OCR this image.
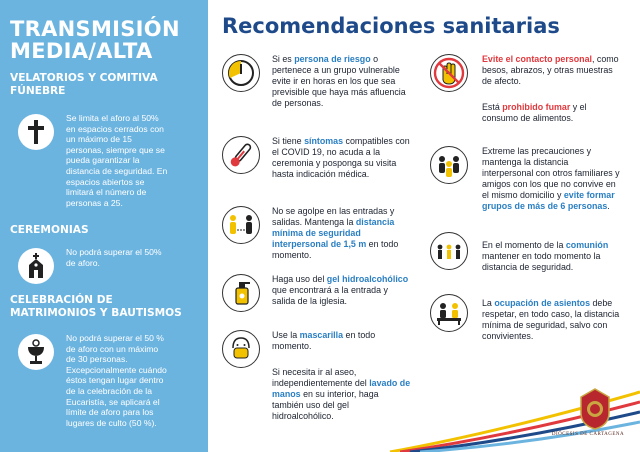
TRANSMISIÓN
MEDIA/ALTA
VELATORIOS Y COMITIVA
FÚNEBRE

Se limita el aforo al 50%
en espacios cerrados con
un máximo de 15
personas, siempre que se
pueda garantizar la
distancia de seguridad. En
espacios abiertos se
limitará el número de
personas a 25.

CEREMONIAS

No podrá superar el 50%
de aforo.

CELEBRACIÓN DE
MATRIMONIOS Y BAUTISMOS

No podrá superar el 50 %
de aforo con un máximo
de 30 personas.
Excepcionalmente cuándo
éstos tengan lugar dentro
de la celebración de la
Eucaristía, se aplicará el
límite de aforo para los
lugares de culto (50 %).

Recomendaciones sanitarias
Si es persona de riesgo o pertenece a un grupo vulnerable evite ir en horas en los que sea previsible que haya más afluencia de personas.
Si tiene síntomas compatibles con el COVID 19, no acuda a la ceremonia y posponga su visita hasta indicación médica.
No se agolpe en las entradas y salidas. Mantenga la distancia mínima de seguridad interpersonal de 1,5 m en todo momento.
Haga uso del gel hidroalcohólico que encontrará a la entrada y salida de la iglesia.
Use la mascarilla en todo momento.
Si necesita ir al aseo, independientemente del lavado de manos en su interior, haga también uso del gel hidroalcohólico.
Evite el contacto personal, como besos, abrazos, y otras muestras de afecto.
Está prohibido fumar y el consumo de alimentos.
Extreme las precauciones y mantenga la distancia interpersonal con otros familiares y amigos con los que no convive en el mismo domicilio y evite formar grupos de más de 6 personas.
En el momento de la comunión mantener en todo momento la distancia de seguridad.
La ocupación de asientos debe respetar, en todo caso, la distancia mínima de seguridad, salvo con convivientes.
DIÓCESIS DE CARTAGENA
